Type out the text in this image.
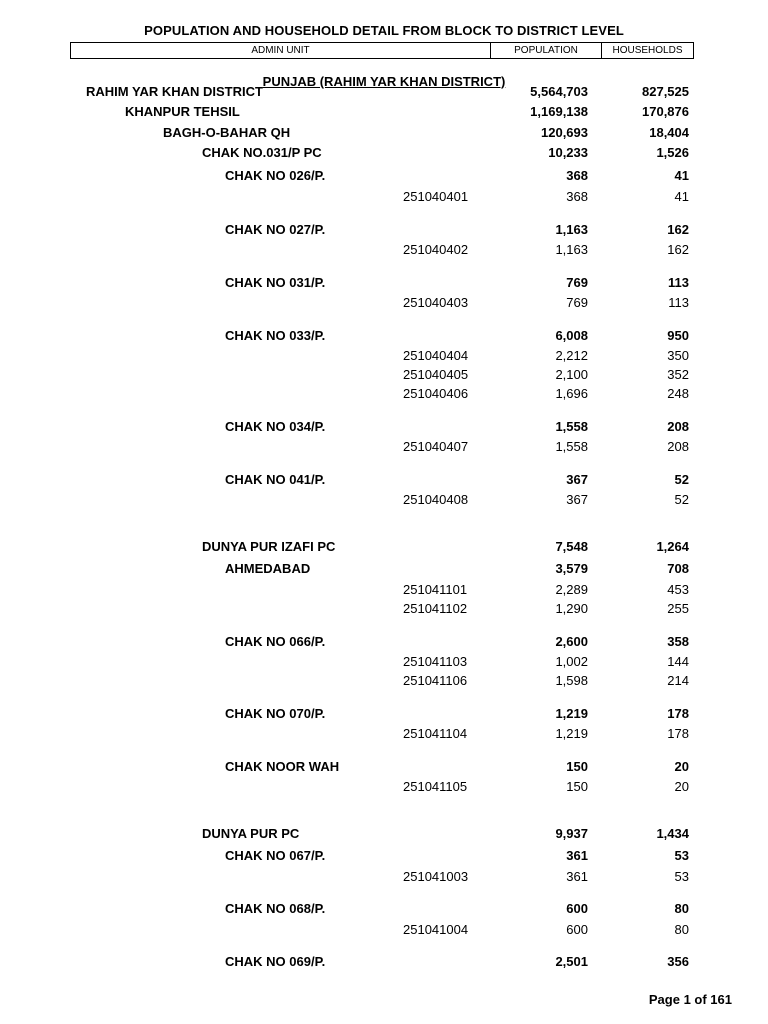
POPULATION AND HOUSEHOLD DETAIL FROM BLOCK TO DISTRICT LEVEL
ADMIN UNIT	POPULATION	HOUSEHOLDS
PUNJAB (RAHIM YAR KHAN DISTRICT)
RAHIM YAR KHAN DISTRICT	5,564,703	827,525
KHANPUR TEHSIL	1,169,138	170,876
BAGH-O-BAHAR QH	120,693	18,404
CHAK NO.031/P PC	10,233	1,526
CHAK NO 026/P.	368	41
251040401	368	41
CHAK NO 027/P.	1,163	162
251040402	1,163	162
CHAK NO 031/P.	769	113
251040403	769	113
CHAK NO 033/P.	6,008	950
251040404	2,212	350
251040405	2,100	352
251040406	1,696	248
CHAK NO 034/P.	1,558	208
251040407	1,558	208
CHAK NO 041/P.	367	52
251040408	367	52
DUNYA PUR IZAFI PC	7,548	1,264
AHMEDABAD	3,579	708
251041101	2,289	453
251041102	1,290	255
CHAK NO 066/P.	2,600	358
251041103	1,002	144
251041106	1,598	214
CHAK NO 070/P.	1,219	178
251041104	1,219	178
CHAK NOOR WAH	150	20
251041105	150	20
DUNYA PUR PC	9,937	1,434
CHAK NO 067/P.	361	53
251041003	361	53
CHAK NO 068/P.	600	80
251041004	600	80
CHAK NO 069/P.	2,501	356
Page 1 of 161
